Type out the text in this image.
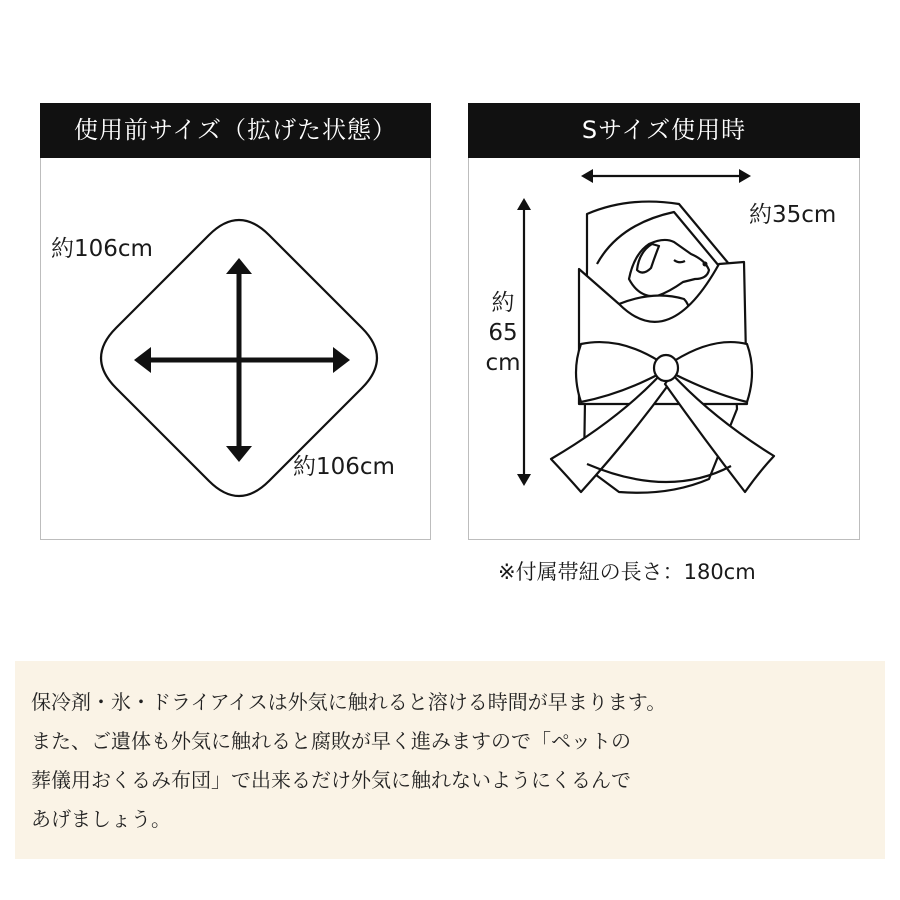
使用前サイズ（拡げた状態）
約106cm
約106cm
Sサイズ使用時
約35cm
約
65
cm
※付属帯紐の長さ：180cm
保冷剤・氷・ドライアイスは外気に触れると溶ける時間が早まります。
また、ご遺体も外気に触れると腐敗が早く進みますので「ペットの
葬儀用おくるみ布団」で出来るだけ外気に触れないようにくるんで
あげましょう。
